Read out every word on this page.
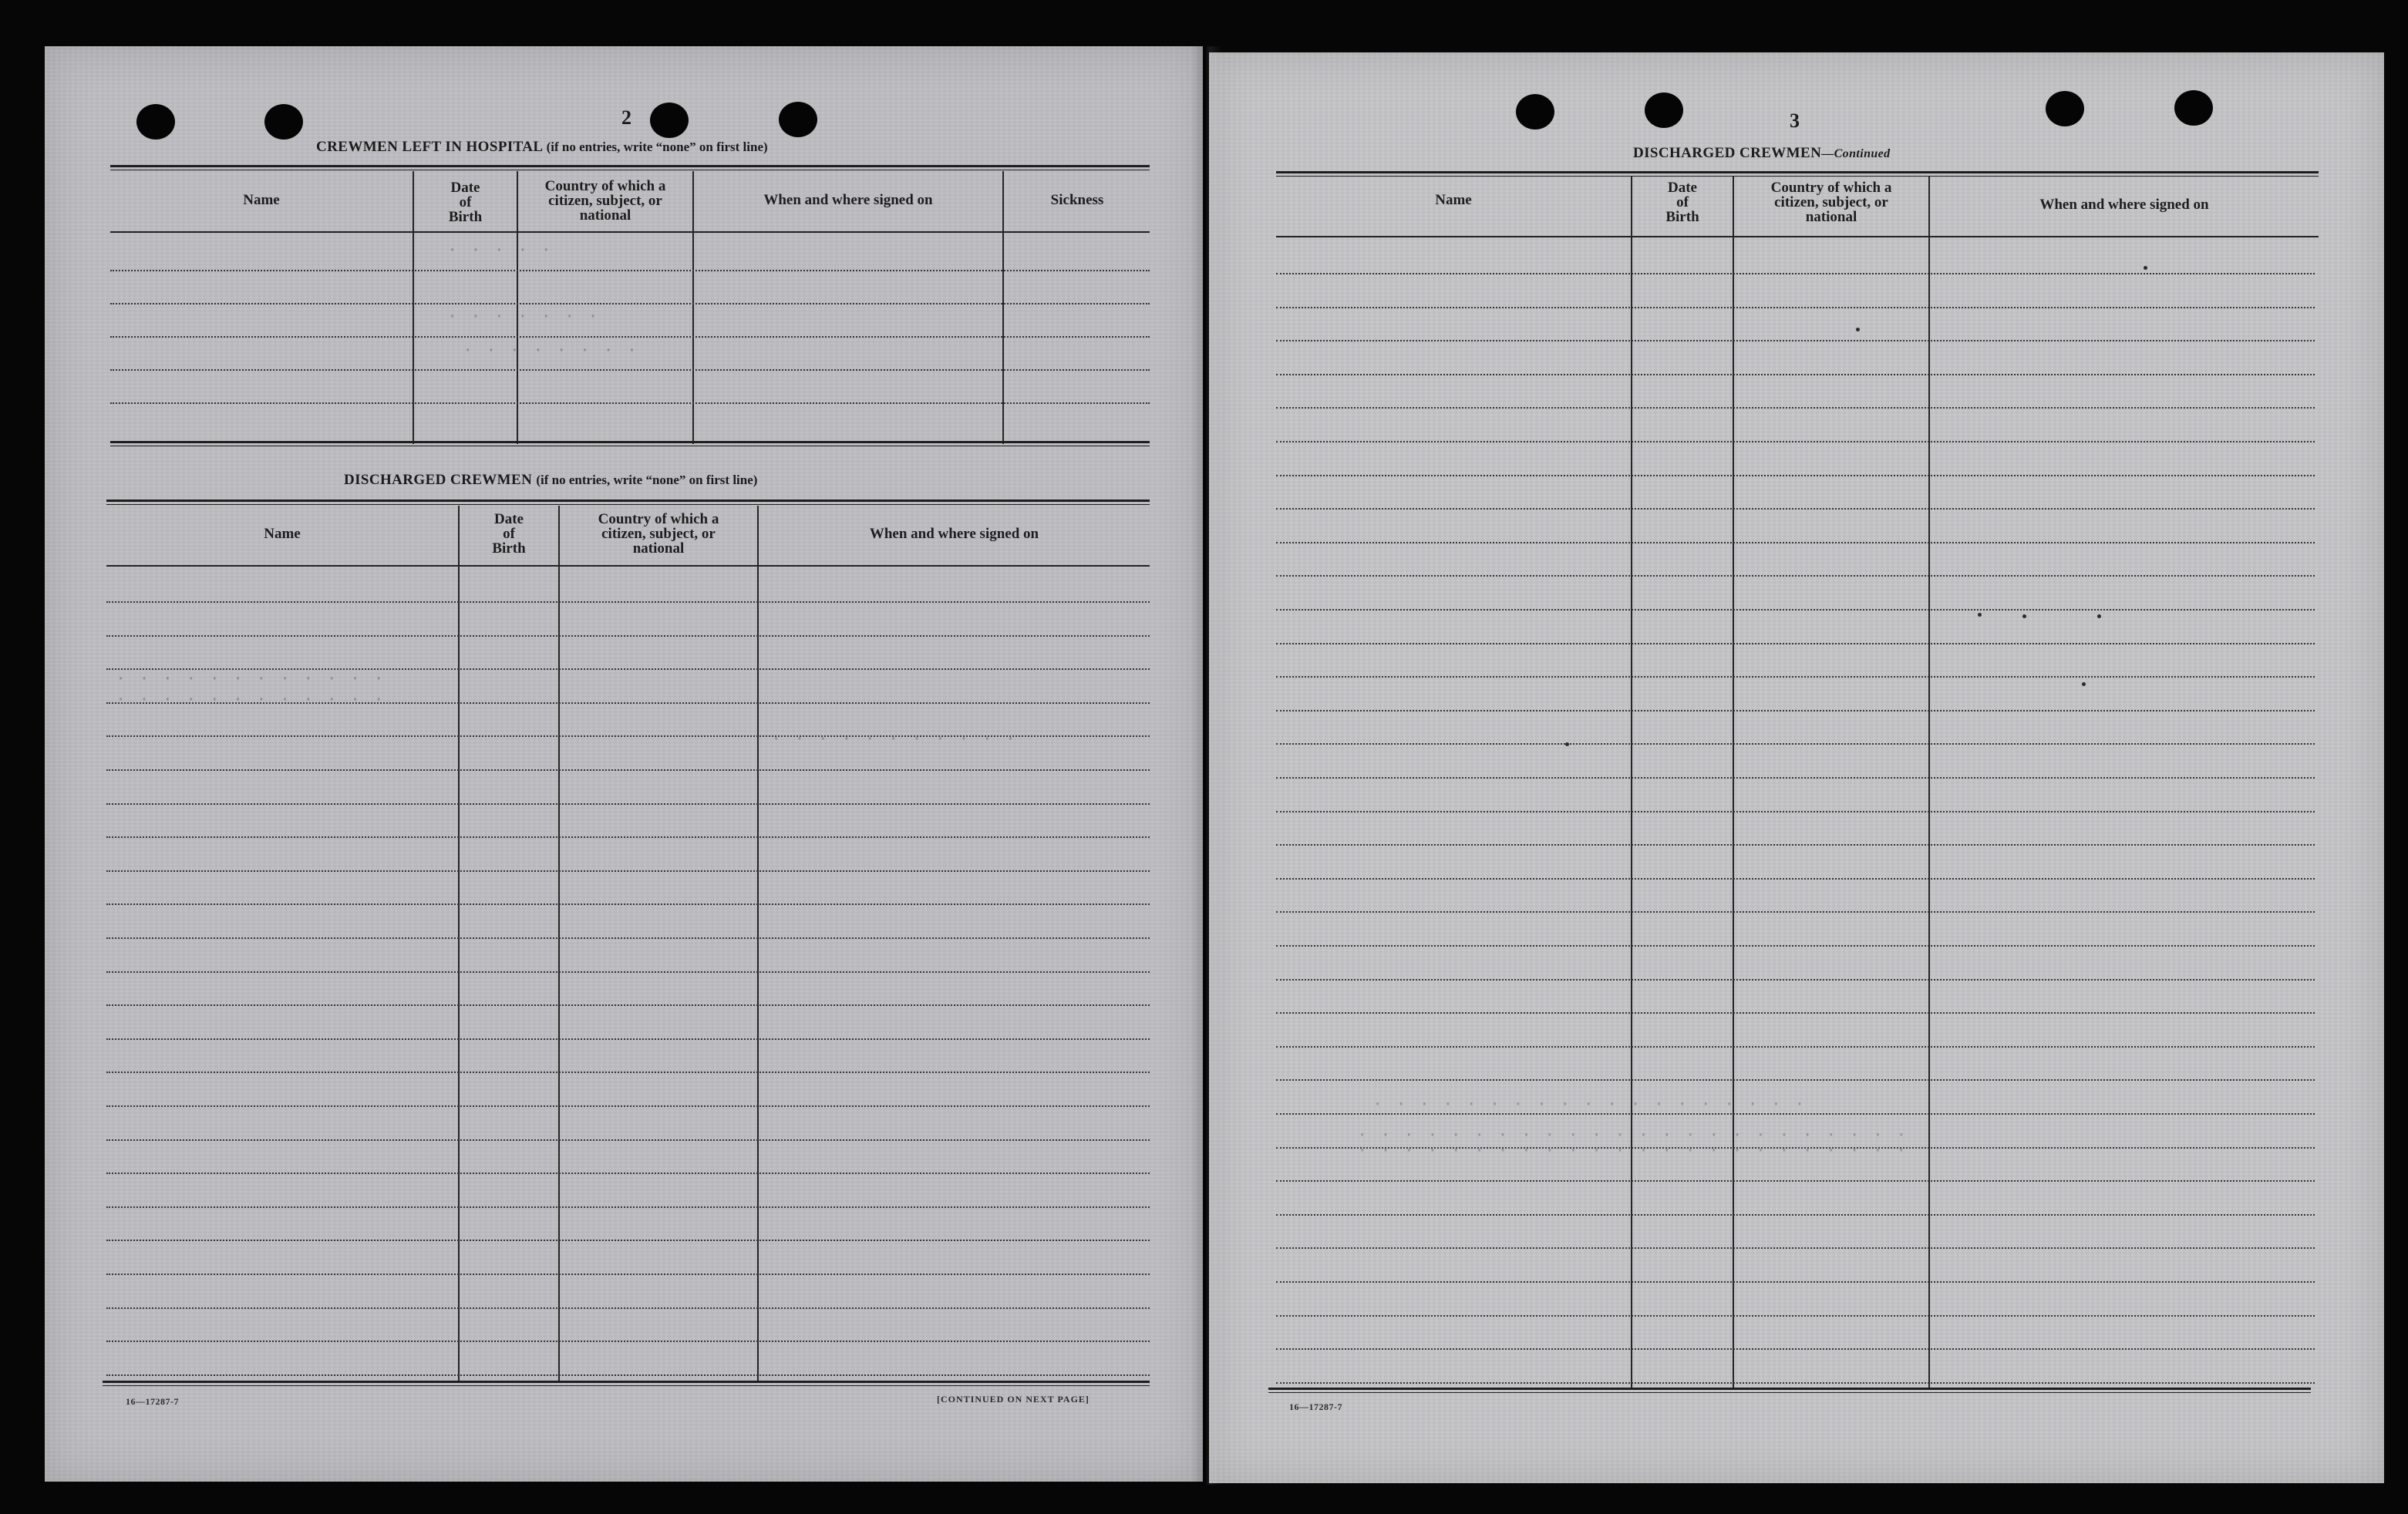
2
CREWMEN LEFT IN HOSPITAL (if no entries, write “none” on first line)
Name
Date
of
Birth
Country of which a
citizen, subject, or
national
When and where signed on	Sickness
· · · · ·
· · · · · · ·
· · · · · · · ·
DISCHARGED CREWMEN (if no entries, write “none” on first line)
Name
Date
of
Birth
Country of which a
citizen, subject, or
national
When and where signed on
· · · · · · · · · · · ·
· · · · · · · · · · · ·
· · · · · · · · · · ·
16—17287-7	[CONTINUED ON NEXT PAGE]
3
DISCHARGED CREWMEN—Continued
Name
Date
of
Birth
Country of which a
citizen, subject, or
national
When and where signed on
· · · · · · · · · · · · · · · · · · ·
· · · · · · · · · · · · · · · · · · · · · · · ·
· · · · · · · · · · · · · · · · · · · · · · · ·
16—17287-7
